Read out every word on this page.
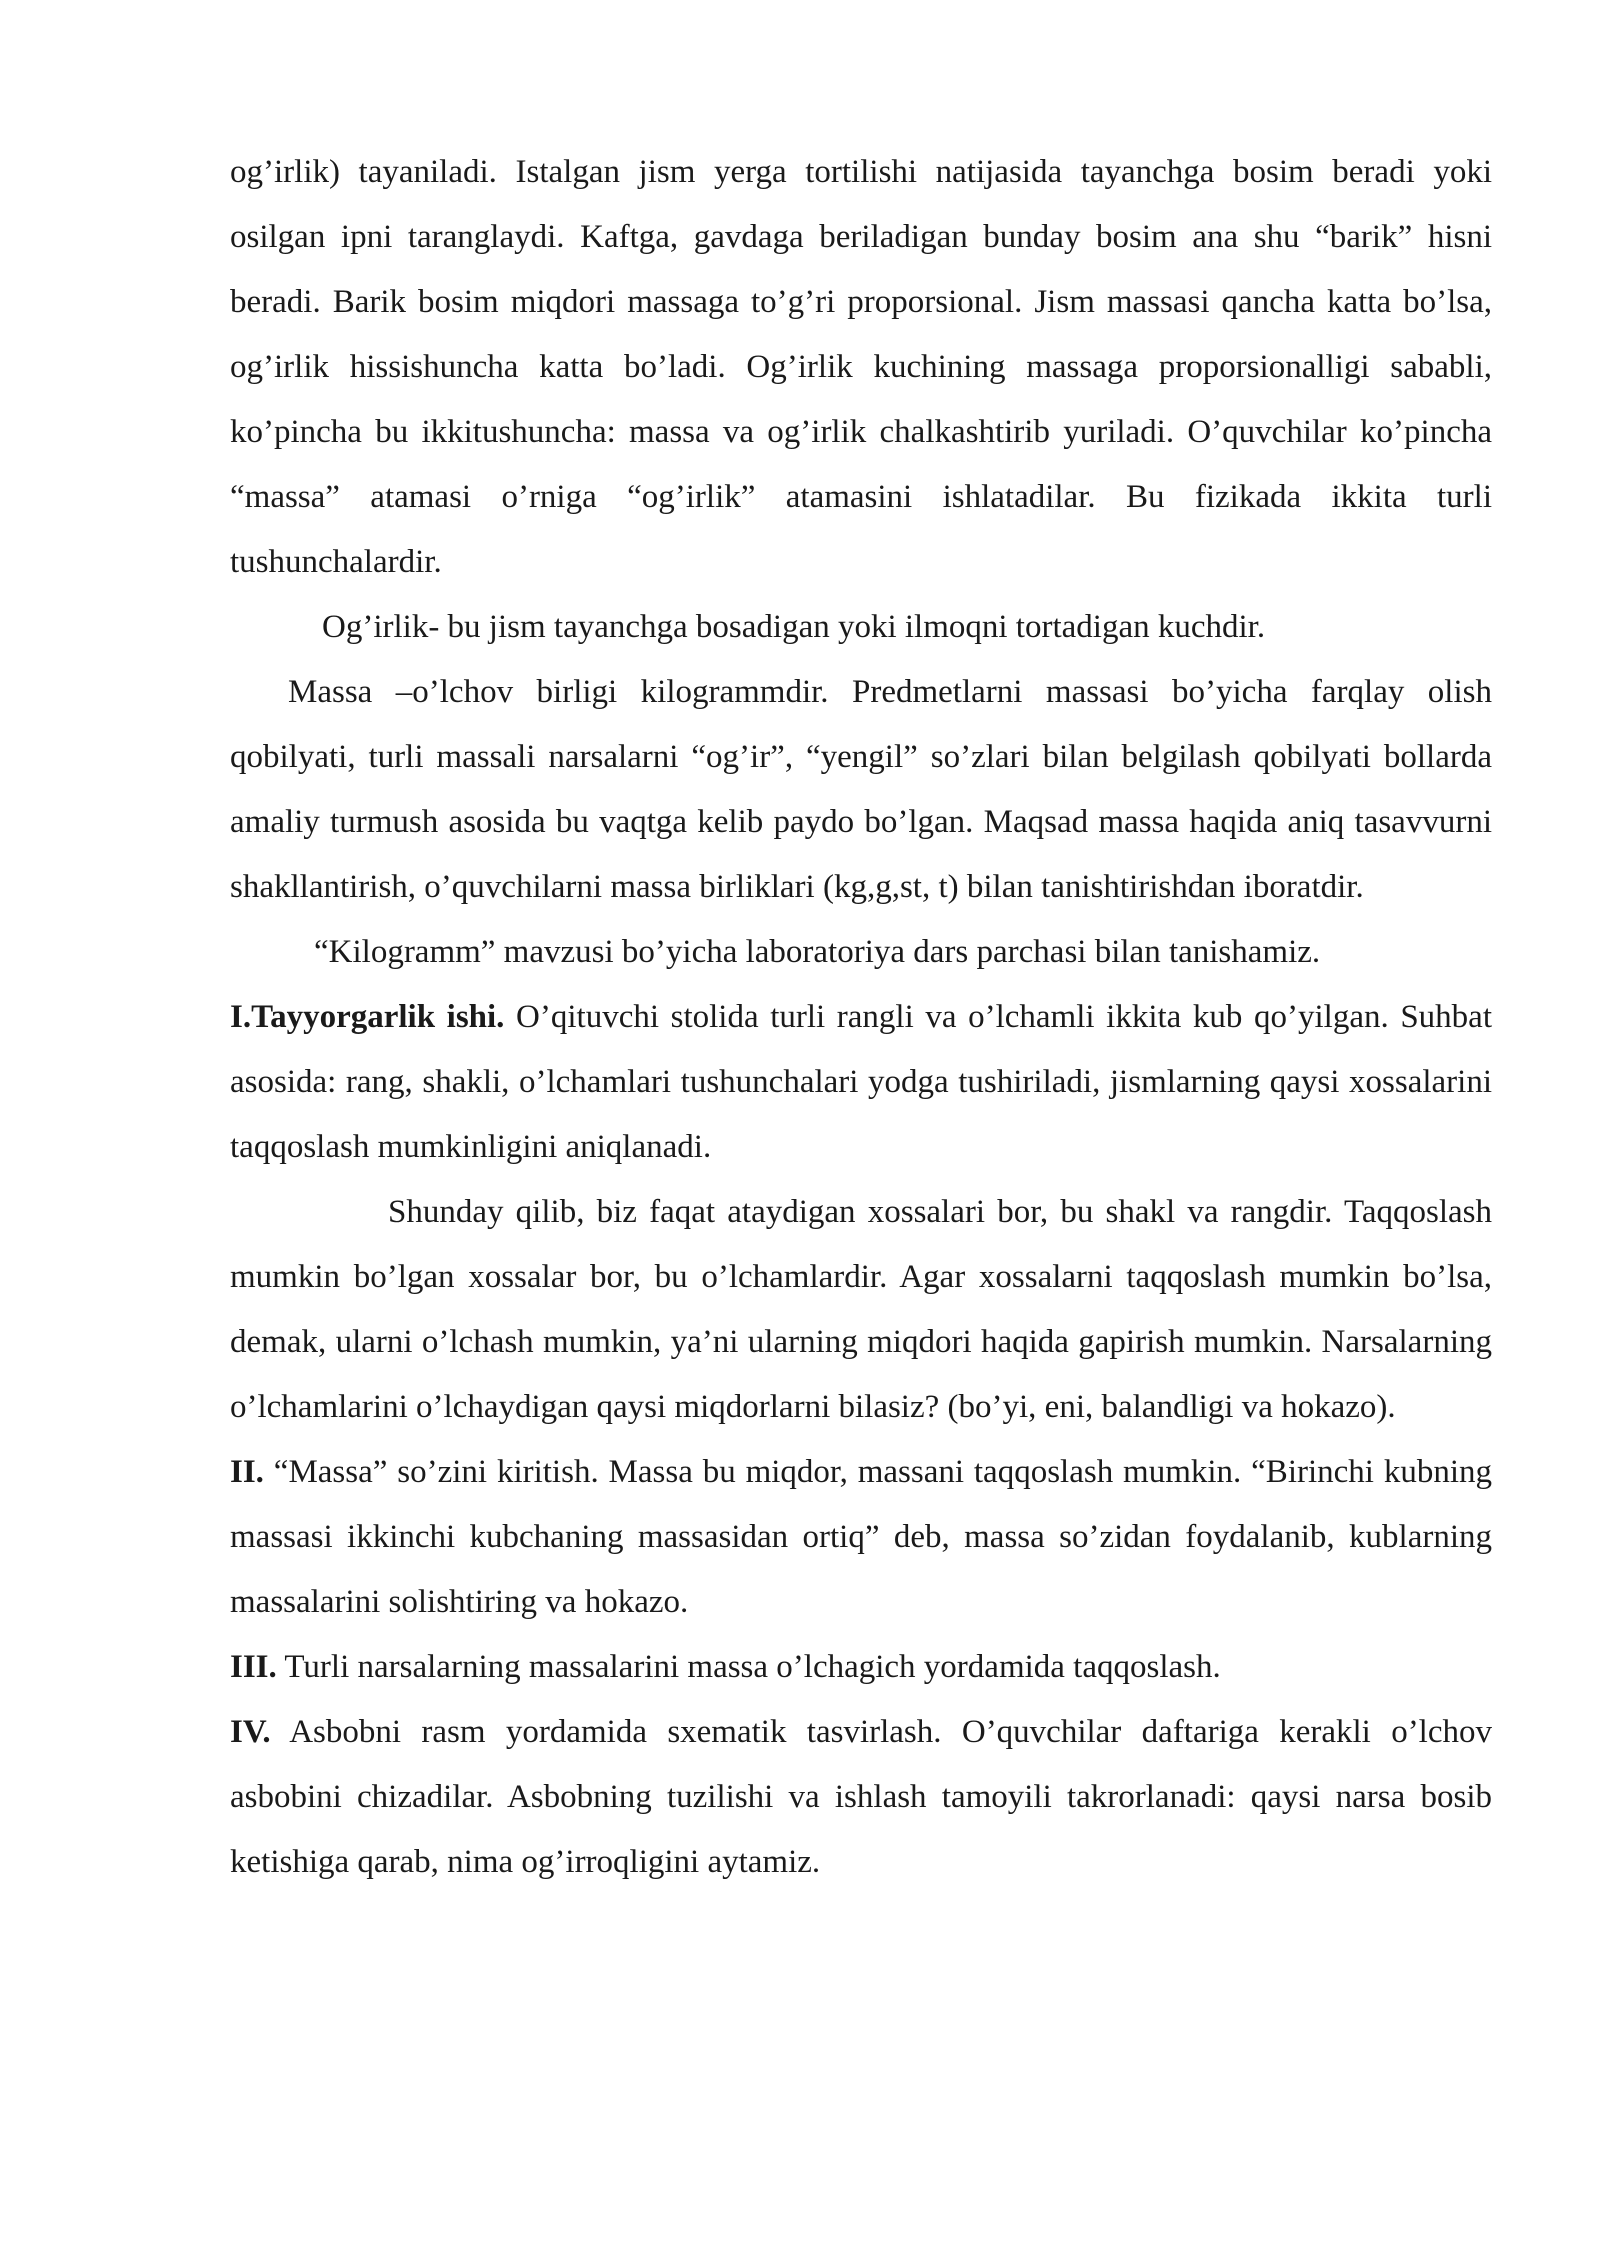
og’irlik) tayaniladi. Istalgan jism yerga tortilishi natijasida tayanchga bosim beradi yoki osilgan ipni taranglaydi. Kaftga, gavdaga beriladigan bunday bosim ana shu “barik” hisni beradi. Barik bosim miqdori massaga to’g’ri proporsional. Jism massasi qancha katta bo’lsa, og’irlik hissishuncha katta bo’ladi. Og’irlik kuchining massaga proporsionalligi sababli, ko’pincha bu ikkitushuncha: massa va og’irlik chalkashtirib yuriladi. O’quvchilar ko’pincha “massa” atamasi o’rniga “og’irlik” atamasini ishlatadilar. Bu fizikada ikkita turli tushunchalardir.

Og’irlik- bu jism tayanchga bosadigan yoki ilmoqni tortadigan kuchdir.

Massa –o’lchov birligi kilogrammdir. Predmetlarni massasi bo’yicha farqlay olish qobilyati, turli massali narsalarni “og’ir”, “yengil” so’zlari bilan belgilash qobilyati bollarda amaliy turmush asosida bu vaqtga kelib paydo bo’lgan. Maqsad massa haqida aniq tasavvurni shakllantirish, o’quvchilarni massa birliklari (kg,g,st, t) bilan tanishtirishdan iboratdir.

“Kilogramm” mavzusi bo’yicha laboratoriya dars parchasi bilan tanishamiz.

I.Tayyorgarlik ishi. O’qituvchi stolida turli rangli va o’lchamli ikkita kub qo’yilgan. Suhbat asosida: rang, shakli, o’lchamlari tushunchalari yodga tushiriladi, jismlarning qaysi xossalarini taqqoslash mumkinligini aniqlanadi.

Shunday qilib, biz faqat ataydigan xossalari bor, bu shakl va rangdir. Taqqoslash mumkin bo’lgan xossalar bor, bu o’lchamlardir. Agar xossalarni taqqoslash mumkin bo’lsa, demak, ularni o’lchash mumkin, ya’ni ularning miqdori haqida gapirish mumkin. Narsalarning o’lchamlarini o’lchaydigan qaysi miqdorlarni bilasiz? (bo’yi, eni, balandligi va hokazo).

II. “Massa” so’zini kiritish. Massa bu miqdor, massani taqqoslash mumkin. “Birinchi kubning massasi ikkinchi kubchaning massasidan ortiq” deb, massa so’zidan foydalanib, kublarning massalarini solishtiring va hokazo.

III. Turli narsalarning massalarini massa o’lchagich yordamida taqqoslash.

IV. Asbobni rasm yordamida sxematik tasvirlash. O’quvchilar daftariga kerakli o’lchov asbobini chizadilar. Asbobning tuzilishi va ishlash tamoyili takrorlanadi: qaysi narsa bosib ketishiga qarab, nima og’irroqligini aytamiz.
